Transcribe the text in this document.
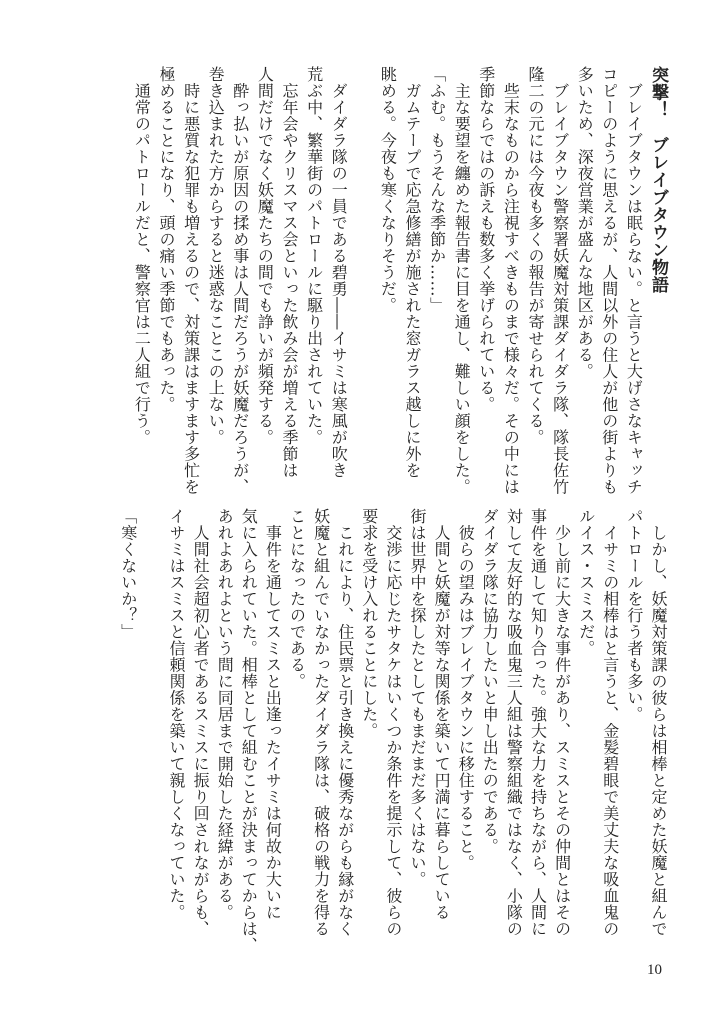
突撃！　ブレイブタウン物語
　ブレイブタウンは眠らない。と言うと大げさなキャッチ
コピーのように思えるが、人間以外の住人が他の街よりも
多いため、深夜営業が盛んな地区がある。
　ブレイブタウン警察署妖魔対策課ダイダラ隊、隊長佐竹
隆二の元には今夜も多くの報告が寄せられてくる。
　些末なものから注視すべきものまで様々だ。その中には
季節ならではの訴えも数多く挙げられている。
　主な要望を纏めた報告書に目を通し、難しい顔をした。
「ふむ。もうそんな季節か……」
　ガムテープで応急修繕が施された窓ガラス越しに外を
眺める。今夜も寒くなりそうだ。

　ダイダラ隊の一員である碧勇――イサミは寒風が吹き
荒ぶ中、繁華街のパトロールに駆り出されていた。
　忘年会やクリスマス会といった飲み会が増える季節は
人間だけでなく妖魔たちの間でも諍いが頻発する。
　酔っ払いが原因の揉め事は人間だろうが妖魔だろうが、
巻き込まれた方からすると迷惑なことこの上ない。
　時に悪質な犯罪も増えるので、対策課はますます多忙を
極めることになり、頭の痛い季節でもあった。
　通常のパトロールだと、警察官は二人組で行う。
　しかし、妖魔対策課の彼らは相棒と定めた妖魔と組んで
パトロールを行う者も多い。
　イサミの相棒はと言うと、金髪碧眼で美丈夫な吸血鬼の
ルイス・スミスだ。
　少し前に大きな事件があり、スミスとその仲間とはその
事件を通して知り合った。強大な力を持ちながら、人間に
対して友好的な吸血鬼三人組は警察組織ではなく、小隊の
ダイダラ隊に協力したいと申し出たのである。
　彼らの望みはブレイブタウンに移住すること。
　人間と妖魔が対等な関係を築いて円満に暮らしている
街は世界中を探したとしてもまだまだ多くはない。
　交渉に応じたサタケはいくつか条件を提示して、彼らの
要求を受け入れることにした。
　これにより、住民票と引き換えに優秀ながらも縁がなく
妖魔と組んでいなかったダイダラ隊は、破格の戦力を得る
ことになったのである。
　事件を通してスミスと出逢ったイサミは何故か大いに
気に入られていた。相棒として組むことが決まってからは、
あれよあれよという間に同居まで開始した経緯がある。
　人間社会超初心者であるスミスに振り回されながらも、
イサミはスミスと信頼関係を築いて親しくなっていた。

「寒くないか？」
10
